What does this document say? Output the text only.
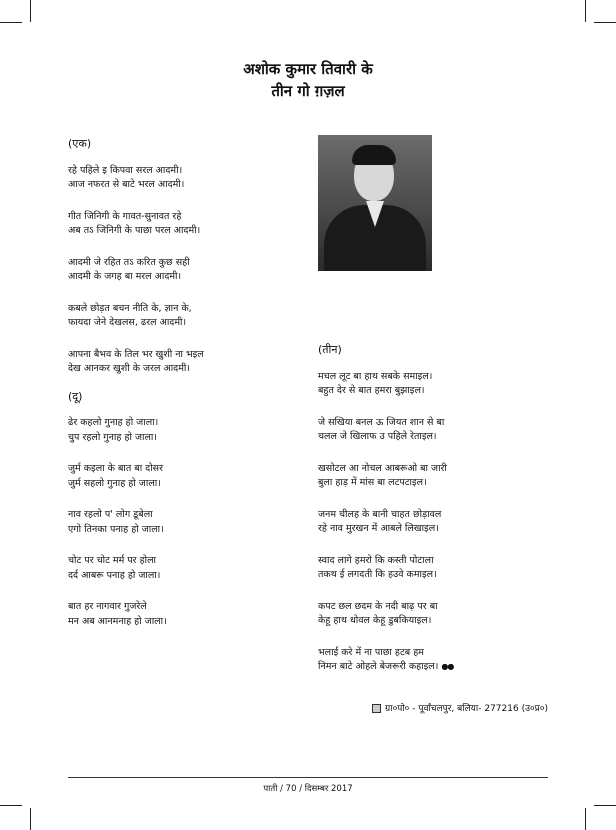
अशोक कुमार तिवारी के
तीन गो ग़ज़ल
(एक)
रहे पहिले इ किपवा सरल आदमी।
आज नफरत से बाटे भरल आदमी।
गीत जिनिगी के गावत-सुनावत रहे
अब तऽ जिनिगी के पाछा परल आदमी।
आदमी जे रहित तऽ करित कुछ सही
आदमी के जगह बा मरल आदमी।
कबले छोड़त बचन नीति के, ज्ञान के,
फायदा जेने देखलस, ढरल आदमी।
आपना बैभव के तिल भर खुशी ना भइल
देख आनकर खुशी के जरल आदमी।
(दू)
ढेर कहलो गुनाह हो जाला।
चुप रहलो गुनाह हो जाला।
जुर्म कइला के बात बा दोसर
जुर्म सहलो गुनाह हो जाला।
नाव रहलो प' लोग डूबेला
एगो तिनका पनाह हो जाला।
चोट पर चोट मर्म पर होला
दर्द आबरू पनाह हो जाला।
बात हर नागवार गुजरेले
मन अब आनमनाह हो जाला।
(तीन)
मचल लूट बा हाथ सबके समाइल।
बहुत देर से बात हमरा बुझाइल।
जे सखिया बनल ऊ जियत शान से बा
चलल जे खिलाफ उ पहिले रेताइल।
खसोटल आ नोचल आबरूओ बा जारी
बुला हाड़ में मांस बा लटपटाइल।
जनम चीलह के बानी चाहत छोड़ावल
रहे नाव मुरखन में आबले लिखाइल।
स्वाद लागे हमरो कि कस्ती पोटाला
तकथ ई लगदती कि हउवे कमाइल।
कपट छल छदम के नदी बाढ़ पर बा
केहू हाथ धोवल केहू डुबकियाइल।
भलाई करे में ना पाछा हटब हम
निमन बाटे ओहले बेजरूरी कहाइल। ●●
ग्रा०पो० - पूर्वांचलपुर, बलिया- 277216 (उ०प्र०)
पाती / 70 / दिसम्बर 2017
